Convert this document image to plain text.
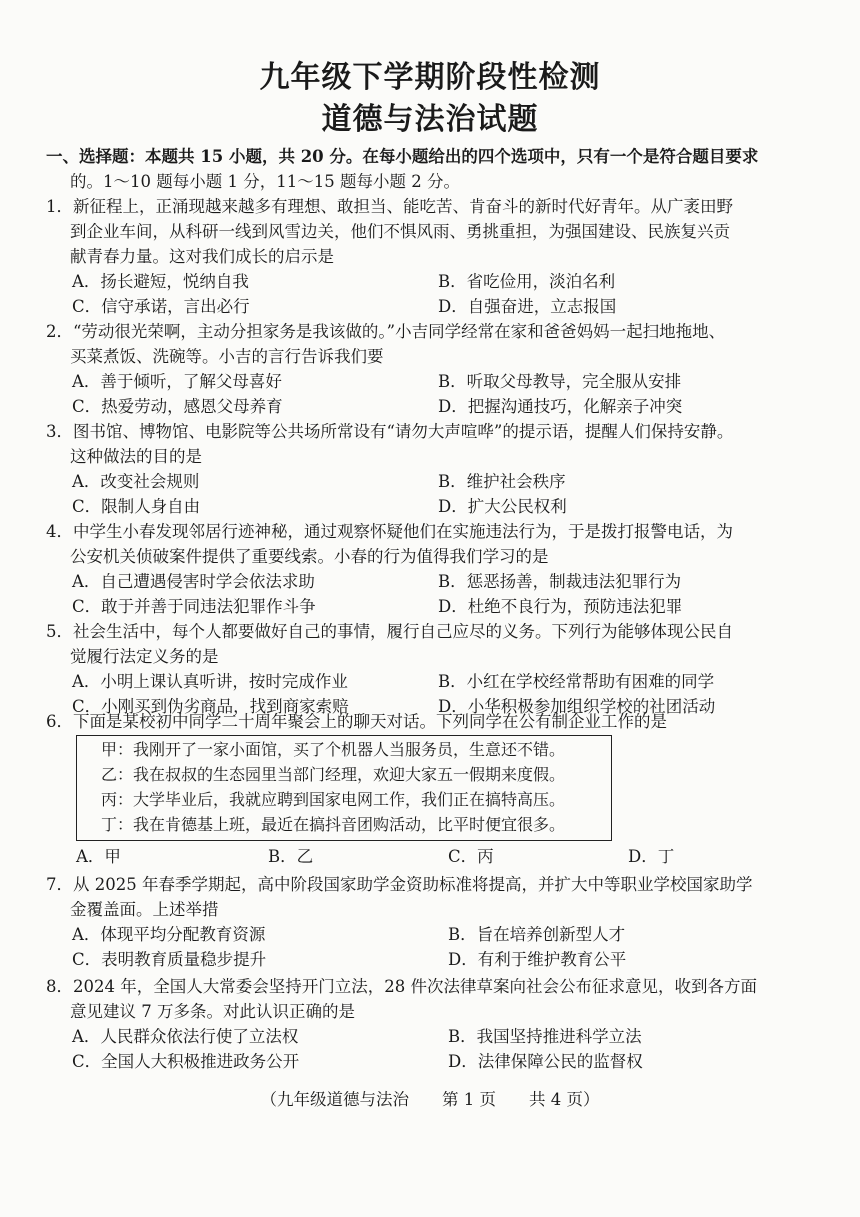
九年级下学期阶段性检测
道德与法治试题
一、选择题：本题共 15 小题，共 20 分。在每小题给出的四个选项中，只有一个是符合题目要求
的。1～10 题每小题 1 分，11～15 题每小题 2 分。
1．新征程上，正涌现越来越多有理想、敢担当、能吃苦、肯奋斗的新时代好青年。从广袤田野
到企业车间，从科研一线到风雪边关，他们不惧风雨、勇挑重担，为强国建设、民族复兴贡
献青春力量。这对我们成长的启示是
A．扬长避短，悦纳自我	B．省吃俭用，淡泊名利
C．信守承诺，言出必行	D．自强奋进，立志报国
2．“劳动很光荣啊，主动分担家务是我该做的。”小吉同学经常在家和爸爸妈妈一起扫地拖地、
买菜煮饭、洗碗等。小吉的言行告诉我们要
A．善于倾听，了解父母喜好	B．听取父母教导，完全服从安排
C．热爱劳动，感恩父母养育	D．把握沟通技巧，化解亲子冲突
3．图书馆、博物馆、电影院等公共场所常设有“请勿大声喧哗”的提示语，提醒人们保持安静。
这种做法的目的是
A．改变社会规则	B．维护社会秩序
C．限制人身自由	D．扩大公民权利
4．中学生小春发现邻居行迹神秘，通过观察怀疑他们在实施违法行为，于是拨打报警电话，为
公安机关侦破案件提供了重要线索。小春的行为值得我们学习的是
A．自己遭遇侵害时学会依法求助	B．惩恶扬善，制裁违法犯罪行为
C．敢于并善于同违法犯罪作斗争	D．杜绝不良行为，预防违法犯罪
5．社会生活中，每个人都要做好自己的事情，履行自己应尽的义务。下列行为能够体现公民自
觉履行法定义务的是
A．小明上课认真听讲，按时完成作业	B．小红在学校经常帮助有困难的同学
C．小刚买到伪劣商品，找到商家索赔	D．小华积极参加组织学校的社团活动
6．下面是某校初中同学二十周年聚会上的聊天对话。下列同学在公有制企业工作的是
甲：我刚开了一家小面馆，买了个机器人当服务员，生意还不错。
乙：我在叔叔的生态园里当部门经理，欢迎大家五一假期来度假。
丙：大学毕业后，我就应聘到国家电网工作，我们正在搞特高压。
丁：我在肯德基上班，最近在搞抖音团购活动，比平时便宜很多。
A．甲	B．乙	C．丙	D．丁
7．从 2025 年春季学期起，高中阶段国家助学金资助标准将提高，并扩大中等职业学校国家助学
金覆盖面。上述举措
A．体现平均分配教育资源	B．旨在培养创新型人才
C．表明教育质量稳步提升	D．有利于维护教育公平
8．2024 年，全国人大常委会坚持开门立法，28 件次法律草案向社会公布征求意见，收到各方面
意见建议 7 万多条。对此认识正确的是
A．人民群众依法行使了立法权	B．我国坚持推进科学立法
C．全国人大积极推进政务公开	D．法律保障公民的监督权
（九年级道德与法治　　第 1 页　　共 4 页）
